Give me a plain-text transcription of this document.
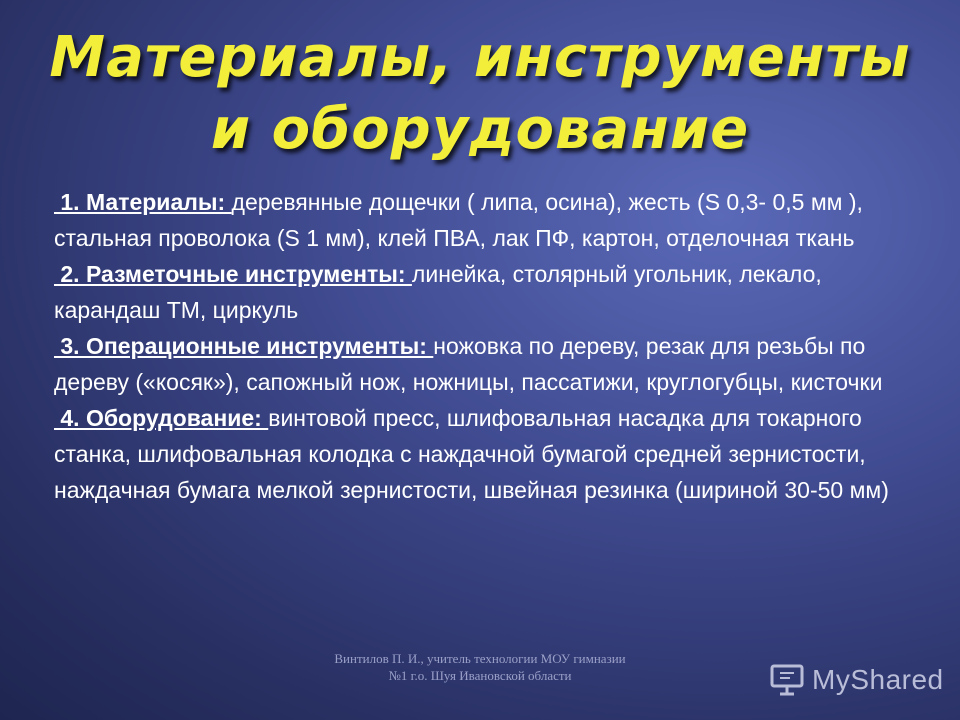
Материалы, инструменты и оборудование

1. Материалы: деревянные дощечки ( липа, осина), жесть (S 0,3- 0,5 мм ), стальная проволока (S 1 мм), клей ПВА, лак ПФ, картон, отделочная ткань

2. Разметочные инструменты: линейка, столярный угольник, лекало, карандаш ТМ, циркуль

3. Операционные инструменты: ножовка по дереву, резак для резьбы по дереву («косяк»), сапожный нож, ножницы, пассатижи, круглогубцы, кисточки

4. Оборудование: винтовой пресс, шлифовальная насадка для токарного станка, шлифовальная колодка с наждачной бумагой средней зернистости, наждачная бумага мелкой зернистости, швейная резинка (шириной 30-50 мм)

Винтилов П. И., учитель технологии МОУ гимназии №1 г.о. Шуя Ивановской области	MyShared
